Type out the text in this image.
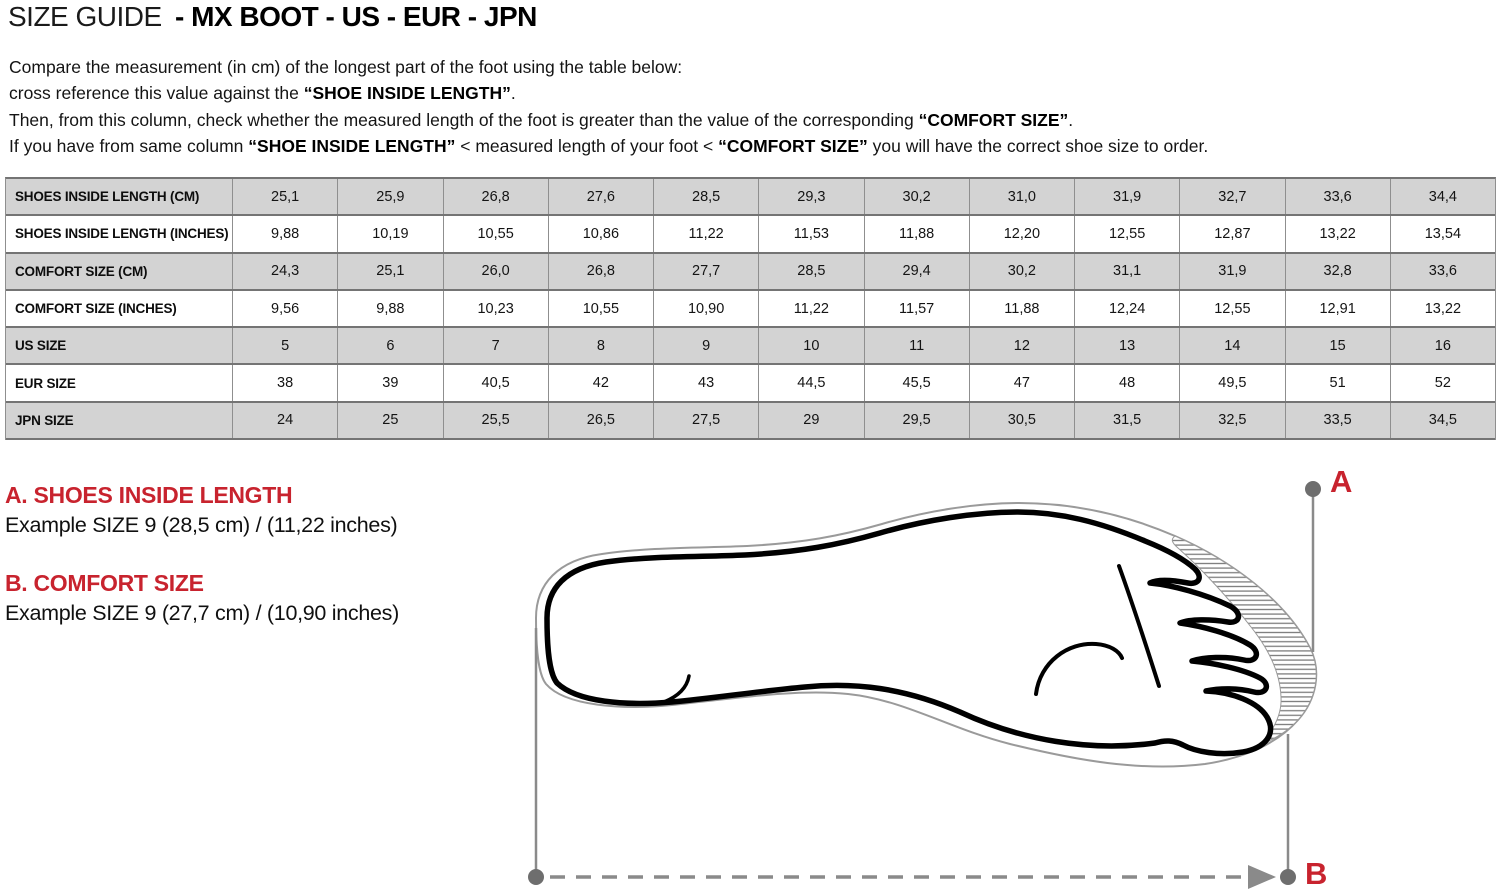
SIZE GUIDE - MX BOOT - US - EUR - JPN

Compare the measurement (in cm) of the longest part of the foot using the table below:

cross reference this value against the “SHOE INSIDE LENGTH”.

Then, from this column, check whether the measured length of the foot is greater than the value of the corresponding “COMFORT SIZE”.

If you have from same column “SHOE INSIDE LENGTH” < measured length of your foot < “COMFORT SIZE” you will have the correct shoe size to order.

SHOES INSIDE LENGTH (CM)	25,1	25,9	26,8	27,6	28,5	29,3	30,2	31,0	31,9	32,7	33,6	34,4
SHOES INSIDE LENGTH (INCHES)	9,88	10,19	10,55	10,86	11,22	11,53	11,88	12,20	12,55	12,87	13,22	13,54
COMFORT SIZE (CM)	24,3	25,1	26,0	26,8	27,7	28,5	29,4	30,2	31,1	31,9	32,8	33,6
COMFORT SIZE (INCHES)	9,56	9,88	10,23	10,55	10,90	11,22	11,57	11,88	12,24	12,55	12,91	13,22
US SIZE	5	6	7	8	9	10	11	12	13	14	15	16
EUR SIZE	38	39	40,5	42	43	44,5	45,5	47	48	49,5	51	52
JPN SIZE	24	25	25,5	26,5	27,5	29	29,5	30,5	31,5	32,5	33,5	34,5
A. SHOES INSIDE LENGTH

Example SIZE 9 (28,5 cm) / (11,22 inches)

B. COMFORT SIZE

Example SIZE 9 (27,7 cm) / (10,90 inches)

A
B
